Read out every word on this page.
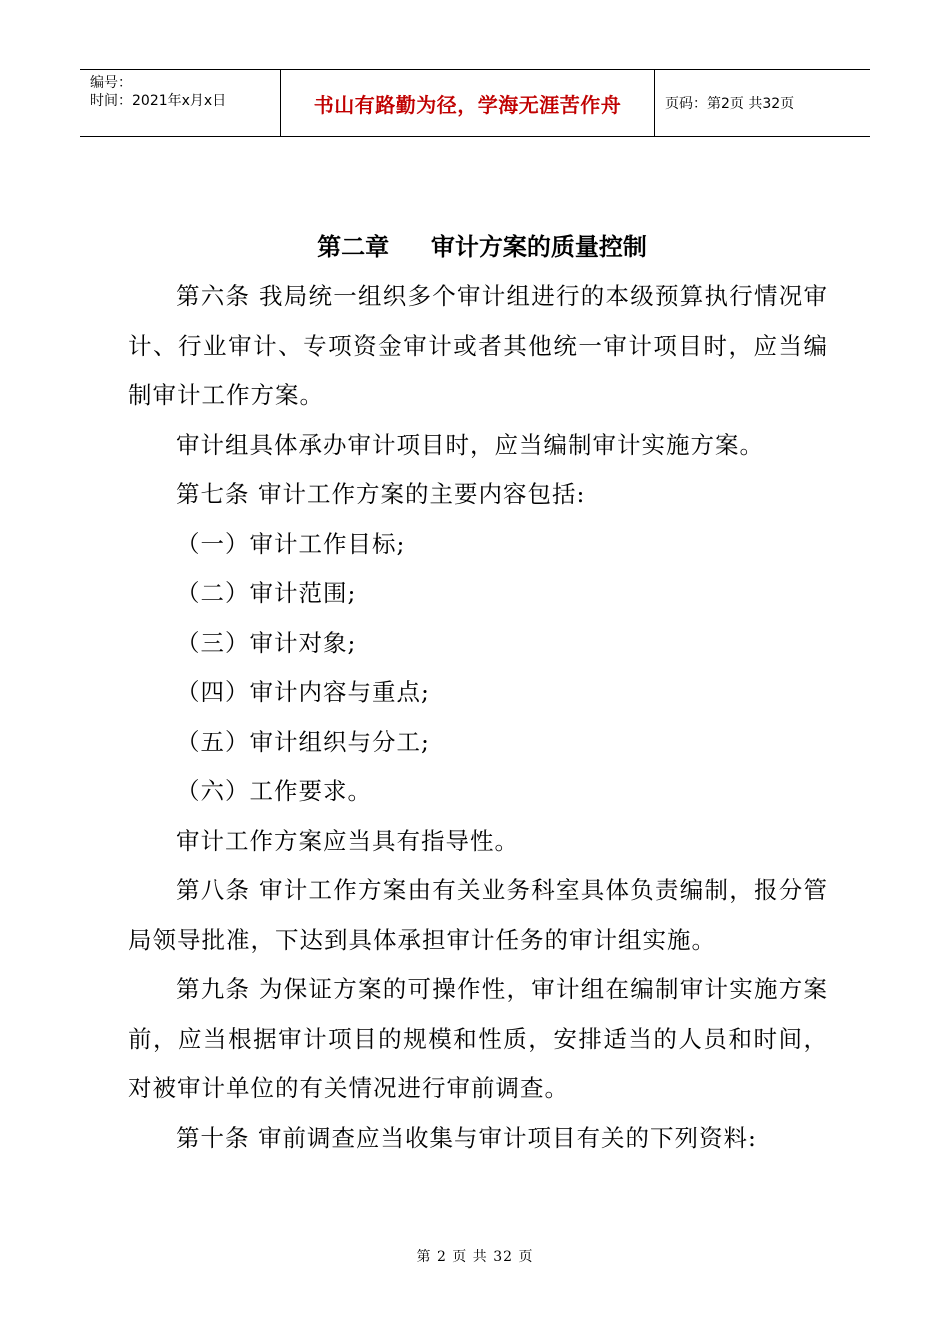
编号：
时间：2021年x月x日	书山有路勤为径，学海无涯苦作舟	页码：第2页 共32页
第二章     审计方案的质量控制

第六条 我局统一组织多个审计组进行的本级预算执行情况审计、行业审计、专项资金审计或者其他统一审计项目时，应当编制审计工作方案。

审计组具体承办审计项目时，应当编制审计实施方案。

第七条 审计工作方案的主要内容包括:

（一）审计工作目标;

（二）审计范围;

（三）审计对象;

（四）审计内容与重点;

（五）审计组织与分工;

（六）工作要求。

审计工作方案应当具有指导性。

第八条 审计工作方案由有关业务科室具体负责编制，报分管局领导批准，下达到具体承担审计任务的审计组实施。

第九条 为保证方案的可操作性，审计组在编制审计实施方案前，应当根据审计项目的规模和性质，安排适当的人员和时间，对被审计单位的有关情况进行审前调查。

第十条 审前调查应当收集与审计项目有关的下列资料:

第 2 页 共 32 页
